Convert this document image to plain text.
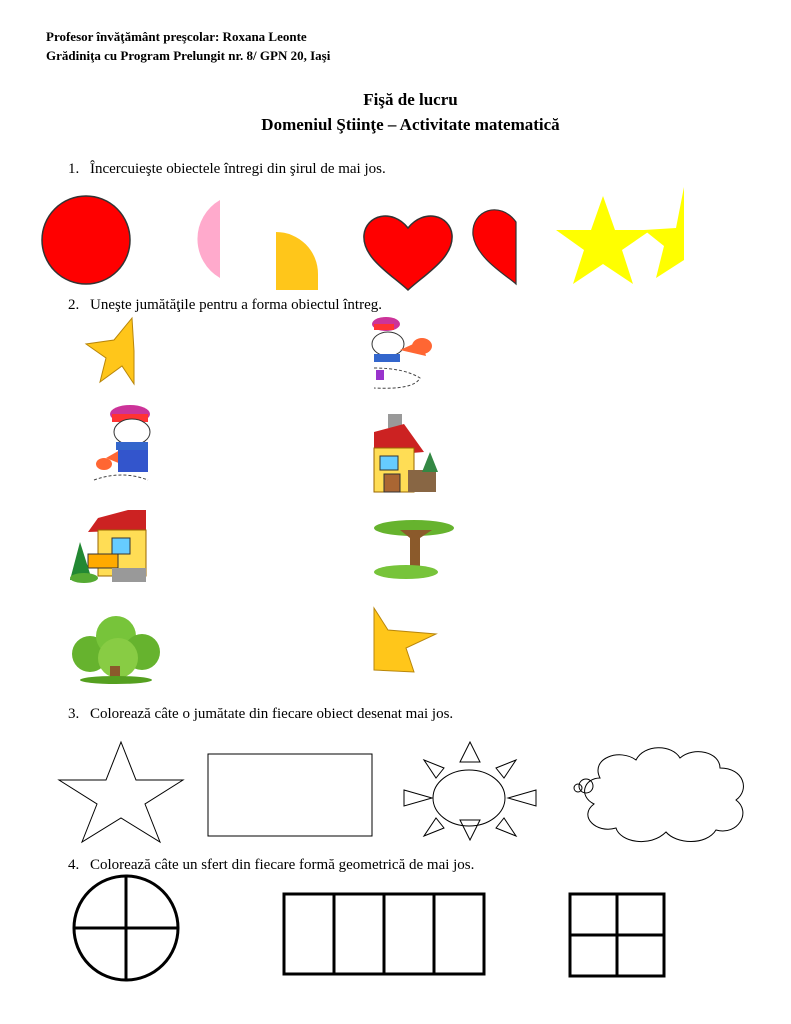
Profesor învăţământ preşcolar: Roxana Leonte
Grădiniţa cu Program Prelungit nr. 8/ GPN 20, Iaşi
Fişă de lucru
Domeniul Ştiinţe – Activitate matematică
1. Încercuieşte obiectele întregi din şirul de mai jos.
2. Uneşte jumătăţile pentru a forma obiectul întreg.
3. Colorează câte o jumătate din fiecare obiect desenat mai jos.
4. Colorează câte un sfert din fiecare formă geometrică de mai jos.
